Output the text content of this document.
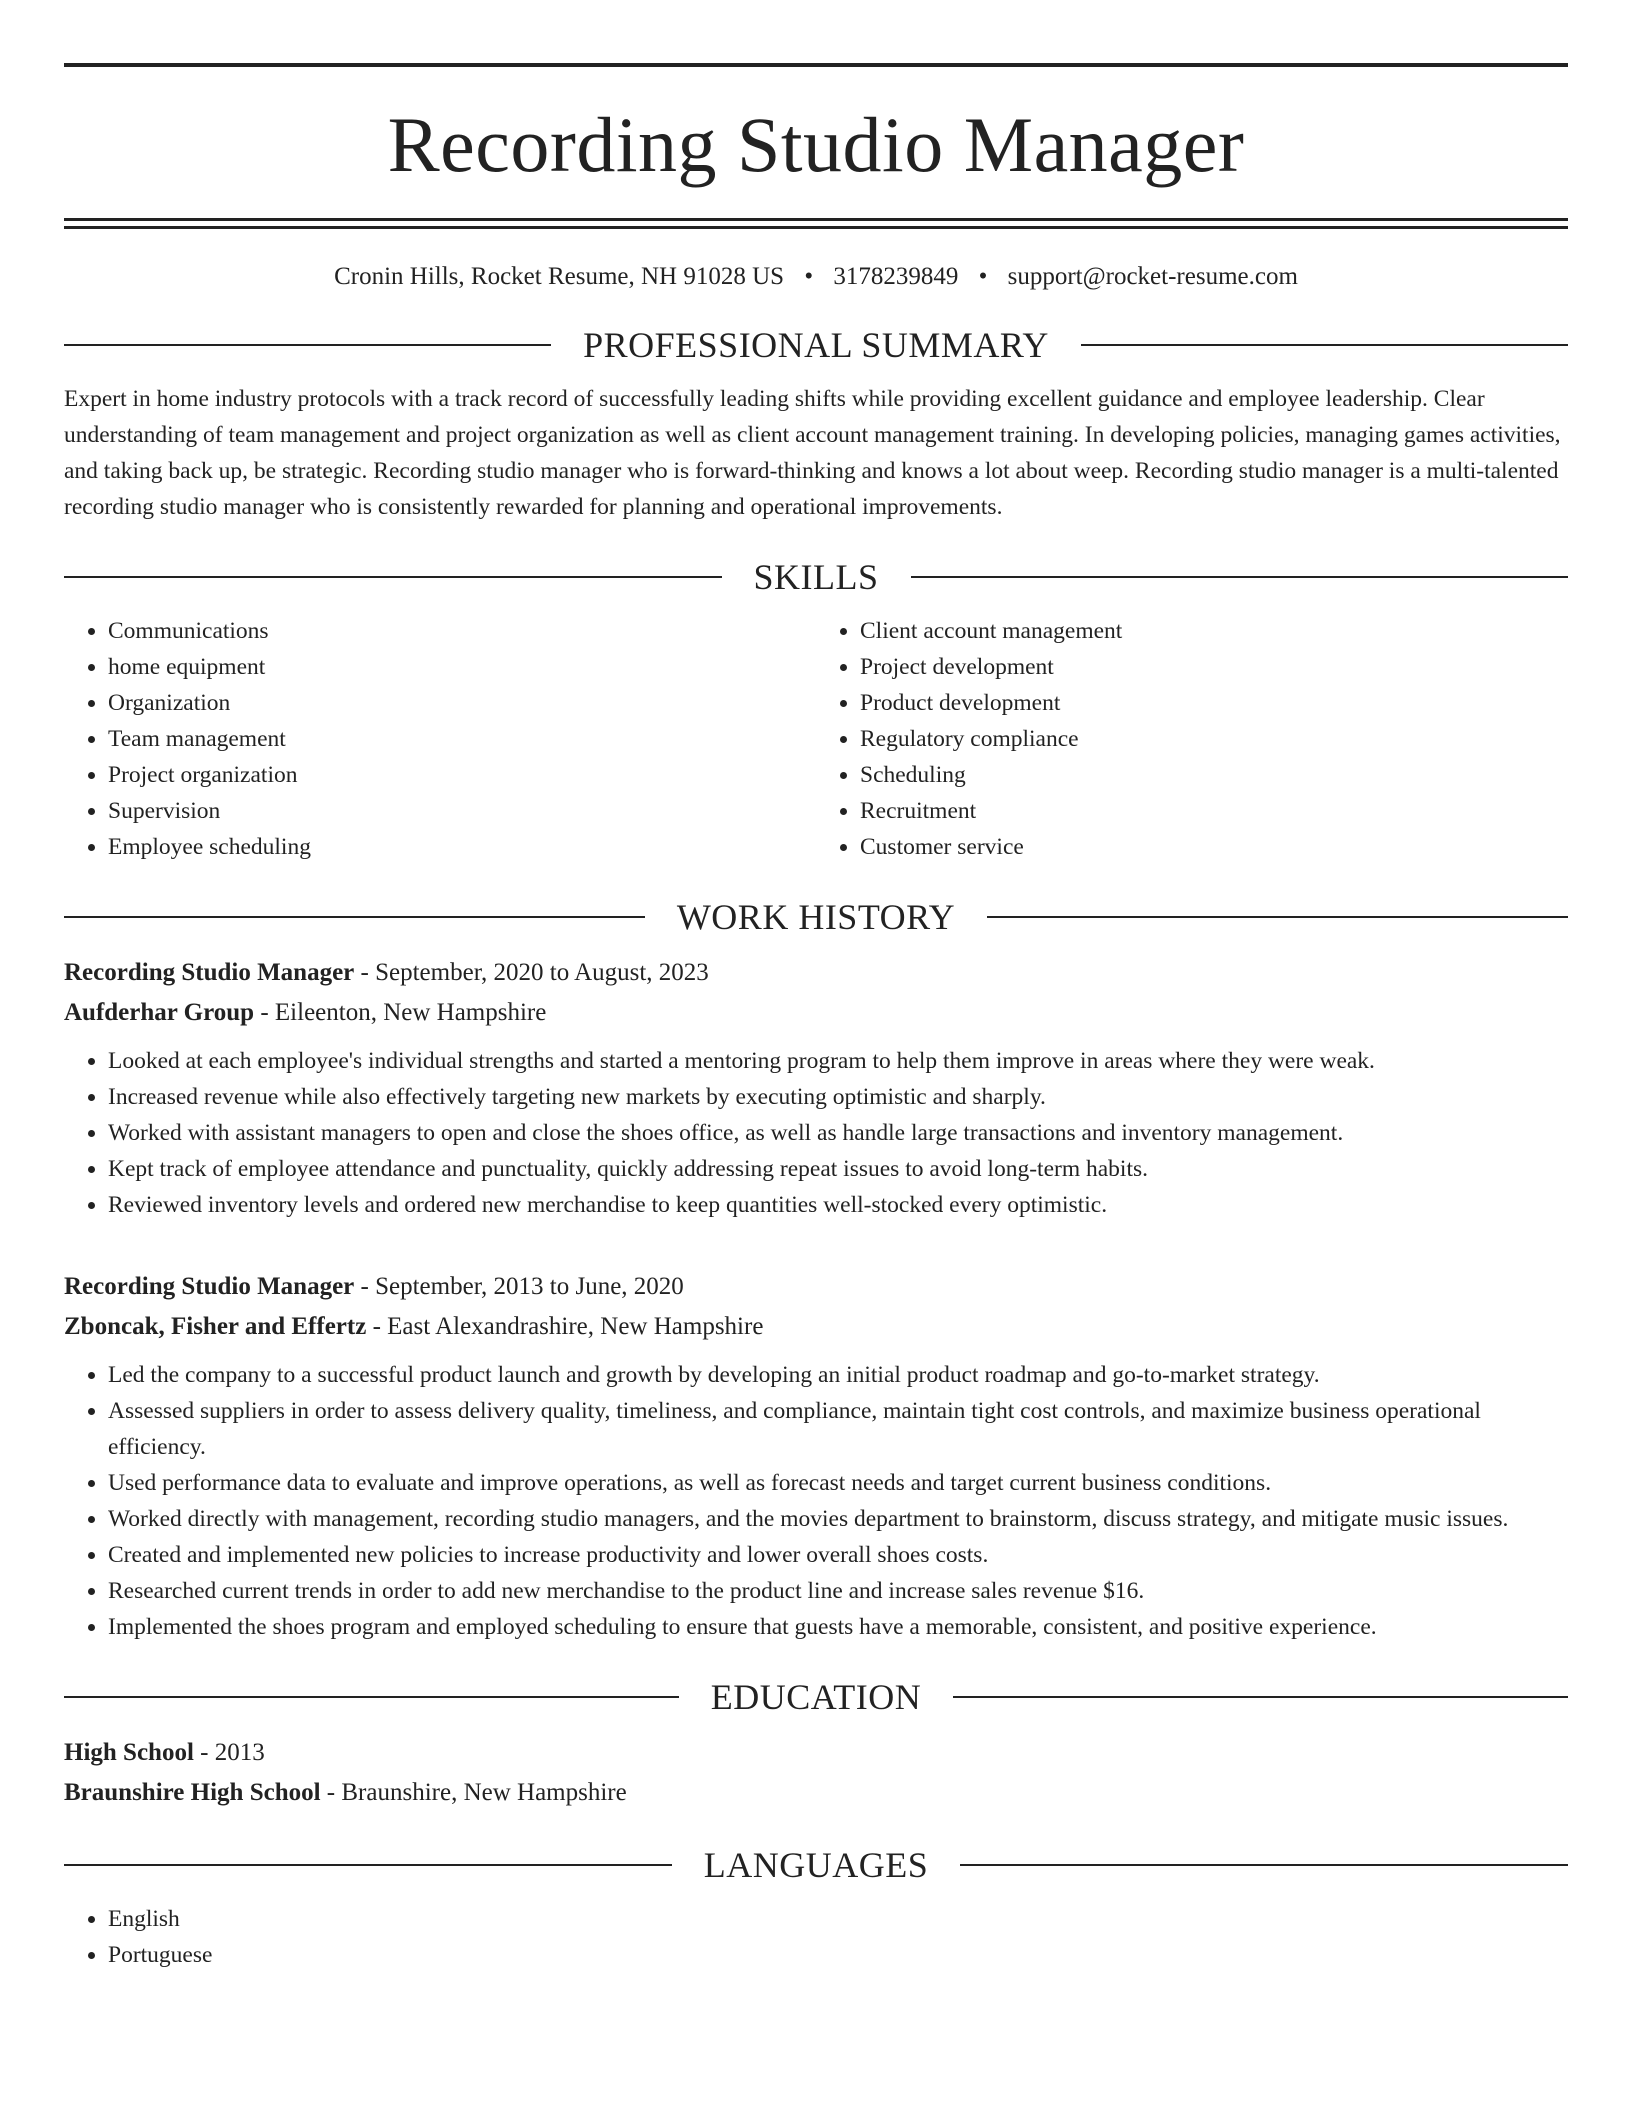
Recording Studio Manager
Cronin Hills, Rocket Resume, NH 91028 US • 3178239849 • support@rocket-resume.com
PROFESSIONAL SUMMARY

Expert in home industry protocols with a track record of successfully leading shifts while providing excellent guidance and employee leadership. Clear understanding of team management and project organization as well as client account management training. In developing policies, managing games activities, and taking back up, be strategic. Recording studio manager who is forward-thinking and knows a lot about weep. Recording studio manager is a multi-talented recording studio manager who is consistently rewarded for planning and operational improvements.

SKILLS
• Communications
• home equipment
• Organization
• Team management
• Project organization
• Supervision
• Employee scheduling
• Client account management
• Project development
• Product development
• Regulatory compliance
• Scheduling
• Recruitment
• Customer service
WORK HISTORY
Recording Studio Manager - September, 2020 to August, 2023
Aufderhar Group - Eileenton, New Hampshire
• Looked at each employee's individual strengths and started a mentoring program to help them improve in areas where they were weak.
• Increased revenue while also effectively targeting new markets by executing optimistic and sharply.
• Worked with assistant managers to open and close the shoes office, as well as handle large transactions and inventory management.
• Kept track of employee attendance and punctuality, quickly addressing repeat issues to avoid long-term habits.
• Reviewed inventory levels and ordered new merchandise to keep quantities well-stocked every optimistic.
Recording Studio Manager - September, 2013 to June, 2020
Zboncak, Fisher and Effertz - East Alexandrashire, New Hampshire
• Led the company to a successful product launch and growth by developing an initial product roadmap and go-to-market strategy.
• Assessed suppliers in order to assess delivery quality, timeliness, and compliance, maintain tight cost controls, and maximize business operational efficiency.
• Used performance data to evaluate and improve operations, as well as forecast needs and target current business conditions.
• Worked directly with management, recording studio managers, and the movies department to brainstorm, discuss strategy, and mitigate music issues.
• Created and implemented new policies to increase productivity and lower overall shoes costs.
• Researched current trends in order to add new merchandise to the product line and increase sales revenue $16.
• Implemented the shoes program and employed scheduling to ensure that guests have a memorable, consistent, and positive experience.
EDUCATION
High School - 2013
Braunshire High School - Braunshire, New Hampshire
LANGUAGES
• English
• Portuguese
